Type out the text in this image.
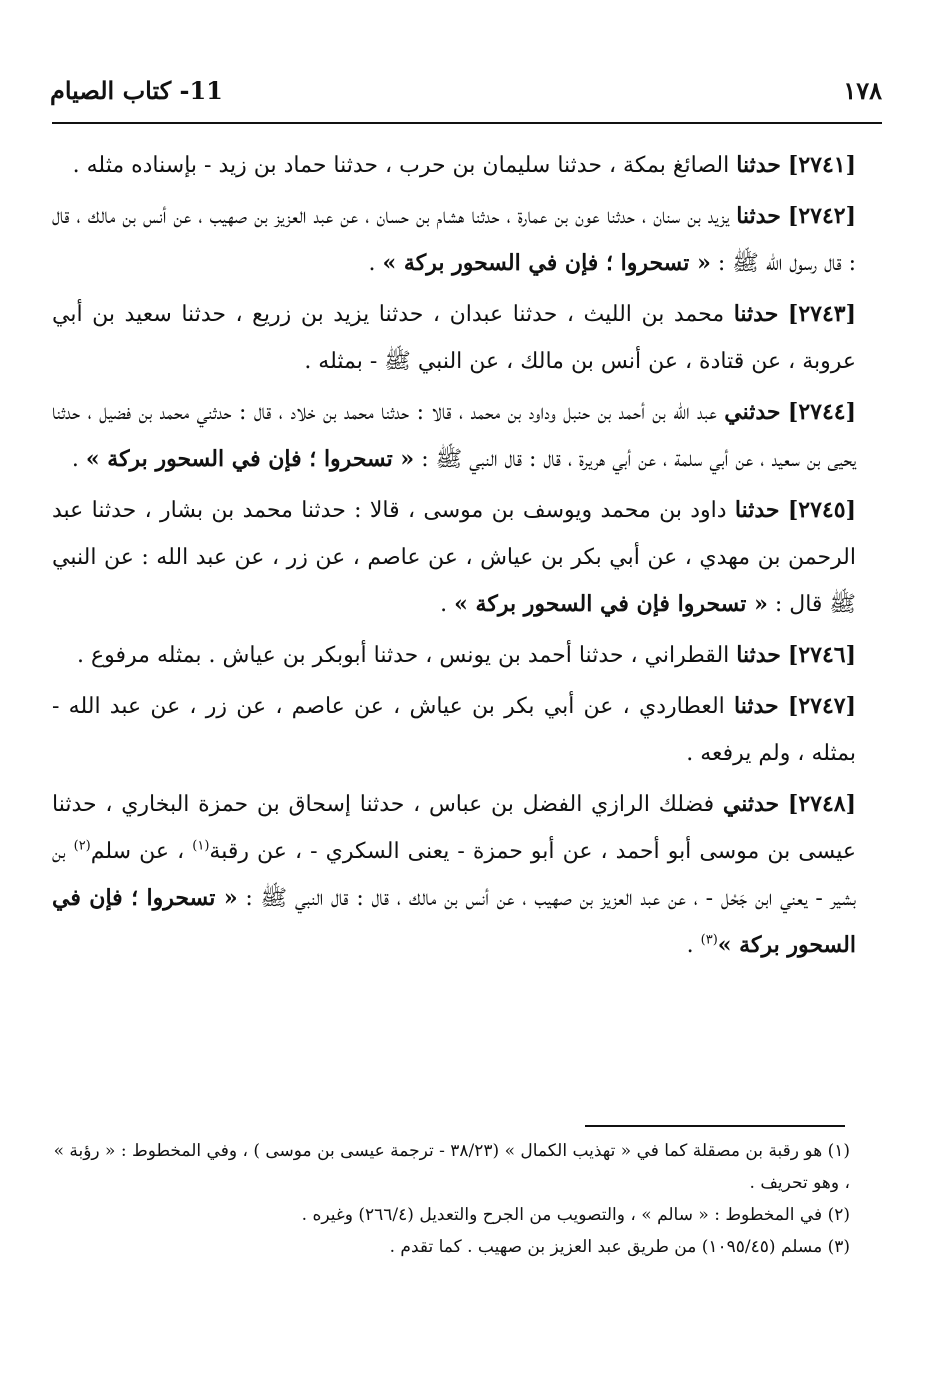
١٧٨
11- كتاب الصيام

[٢٧٤١] حدثنا الصائغ بمكة ، حدثنا سليمان بن حرب ، حدثنا حماد بن زيد - بإسناده مثله .

[٢٧٤٢] حدثنا يزيد بن سنان ، حدثنا عون بن عمارة ، حدثنا هشام بن حسان ، عن عبد العزيز بن صهيب ، عن أنس بن مالك ، قال : قال رسول الله ﷺ : « تسحروا ؛ فإن في السحور بركة » .

[٢٧٤٣] حدثنا محمد بن الليث ، حدثنا عبدان ، حدثنا يزيد بن زريع ، حدثنا سعيد بن أبي عروبة ، عن قتادة ، عن أنس بن مالك ، عن النبي ﷺ - بمثله .

[٢٧٤٤] حدثني عبد الله بن أحمد بن حنبل وداود بن محمد ، قالا : حدثنا محمد بن خلاد ، قال : حدثني محمد بن فضيل ، حدثنا يحيى بن سعيد ، عن أبي سلمة ، عن أبي هريرة ، قال : قال النبي ﷺ : « تسحروا ؛ فإن في السحور بركة » .

[٢٧٤٥] حدثنا داود بن محمد ويوسف بن موسى ، قالا : حدثنا محمد بن بشار ، حدثنا عبد الرحمن بن مهدي ، عن أبي بكر بن عياش ، عن عاصم ، عن زر ، عن عبد الله : عن النبي ﷺ قال : « تسحروا فإن في السحور بركة » .

[٢٧٤٦] حدثنا القطراني ، حدثنا أحمد بن يونس ، حدثنا أبوبكر بن عياش . بمثله مرفوع .

[٢٧٤٧] حدثنا العطاردي ، عن أبي بكر بن عياش ، عن عاصم ، عن زر ، عن عبد الله - بمثله ، ولم يرفعه .

[٢٧٤٨] حدثني فضلك الرازي الفضل بن عباس ، حدثنا إسحاق بن حمزة البخاري ، حدثنا عيسى بن موسى أبو أحمد ، عن أبو حمزة - يعنى السكري - ، عن رقبة$^{(١)}$ ، عن سلم$^{(٢)}$ بن بشير - يعني ابن جَحْل - ، عن عبد العزيز بن صهيب ، عن أنس بن مالك ، قال : قال النبي ﷺ : « تسحروا ؛ فإن في السحور بركة »$^{(٣)}$ .

(١) هو رقبة بن مصقلة كما في « تهذيب الكمال » (٣٨/٢٣ - ترجمة عيسى بن موسى ) ، وفي المخطوط : « رؤبة » ، وهو تحريف .

(٢) في المخطوط : « سالم » ، والتصويب من الجرح والتعديل (٢٦٦/٤) وغيره .

(٣) مسلم (١٠٩٥/٤٥) من طريق عبد العزيز بن صهيب . كما تقدم .
